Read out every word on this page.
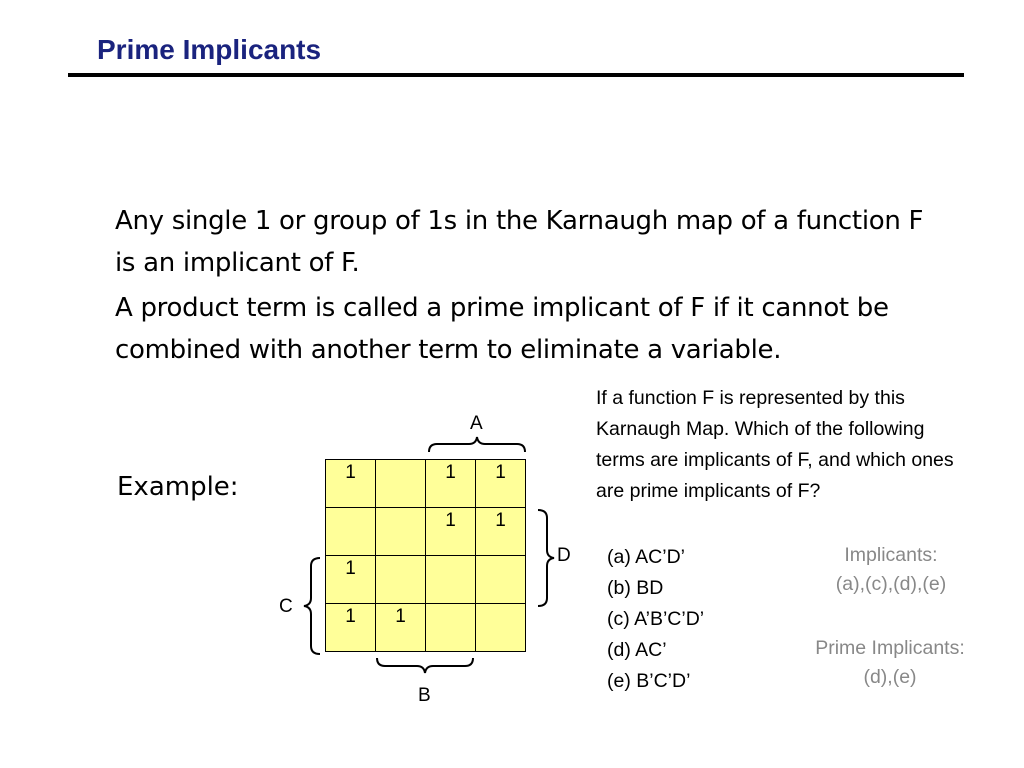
Prime Implicants
Any single 1 or group of 1s in the Karnaugh map of a function F is an implicant of F.
A product term is called a prime implicant of F if it cannot be combined with another term to eliminate a variable.
Example:	1		1	1
		1	1
1			
1	1		
A
B
C
D
If a function F is represented by this Karnaugh Map. Which of the following terms are implicants of F, and which ones are prime implicants of F?
(a) AC’D’
(b) BD
(c) A’B’C’D’
(d) AC’
(e) B’C’D’
Implicants:
(a),(c),(d),(e)
Prime Implicants:
(d),(e)
